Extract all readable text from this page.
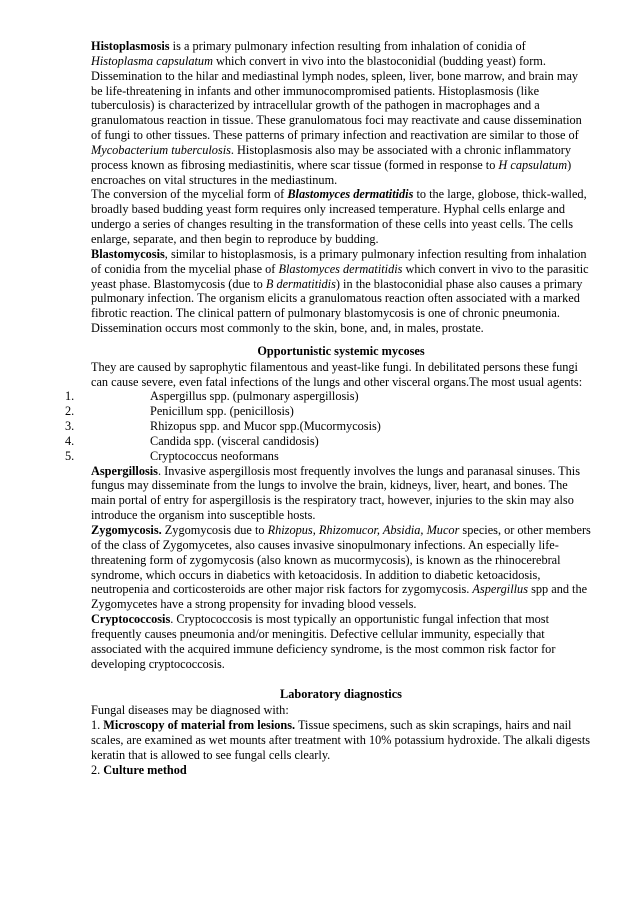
Histoplasmosis is a primary pulmonary infection resulting from inhalation of conidia of Histoplasma capsulatum which convert in vivo into the blastoconidial (budding yeast) form. Dissemination to the hilar and mediastinal lymph nodes, spleen, liver, bone marrow, and brain may be life-threatening in infants and other immunocompromised patients. Histoplasmosis (like tuberculosis) is characterized by intracellular growth of the pathogen in macrophages and a granulomatous reaction in tissue. These granulomatous foci may reactivate and cause dissemination of fungi to other tissues. These patterns of primary infection and reactivation are similar to those of Mycobacterium tuberculosis. Histoplasmosis also may be associated with a chronic inflammatory process known as fibrosing mediastinitis, where scar tissue (formed in response to H capsulatum) encroaches on vital structures in the mediastinum.

The conversion of the mycelial form of Blastomyces dermatitidis to the large, globose, thick-walled, broadly based budding yeast form requires only increased temperature. Hyphal cells enlarge and undergo a series of changes resulting in the transformation of these cells into yeast cells. The cells enlarge, separate, and then begin to reproduce by budding.

Blastomycosis, similar to histoplasmosis, is a primary pulmonary infection resulting from inhalation of conidia from the mycelial phase of Blastomyces dermatitidis which convert in vivo to the parasitic yeast phase. Blastomycosis (due to B dermatitidis) in the blastoconidial phase also causes a primary pulmonary infection. The organism elicits a granulomatous reaction often associated with a marked fibrotic reaction. The clinical pattern of pulmonary blastomycosis is one of chronic pneumonia. Dissemination occurs most commonly to the skin, bone, and, in males, prostate.

Opportunistic systemic mycoses

They are caused by saprophytic filamentous and yeast-like fungi. In debilitated persons these fungi can cause severe, even fatal infections of the lungs and other visceral organs.The most usual agents:

1.	Aspergillus spp. (pulmonary aspergillosis)
2.	Penicillum spp. (penicillosis)
3.	Rhizopus spp. and Mucor spp.(Mucormycosis)
4.	Candida spp. (visceral candidosis)
5.	Cryptococcus neoformans

Aspergillosis. Invasive aspergillosis most frequently involves the lungs and paranasal sinuses. This fungus may disseminate from the lungs to involve the brain, kidneys, liver, heart, and bones. The main portal of entry for aspergillosis is the respiratory tract, however, injuries to the skin may also introduce the organism into susceptible hosts.

Zygomycosis. Zygomycosis due to Rhizopus, Rhizomucor, Absidia, Mucor species, or other members of the class of Zygomycetes, also causes invasive sinopulmonary infections. An especially life-threatening form of zygomycosis (also known as mucormycosis), is known as the rhinocerebral syndrome, which occurs in diabetics with ketoacidosis. In addition to diabetic ketoacidosis, neutropenia and corticosteroids are other major risk factors for zygomycosis. Aspergillus spp and the Zygomycetes have a strong propensity for invading blood vessels.

Cryptococcosis. Cryptococcosis is most typically an opportunistic fungal infection that most frequently causes pneumonia and/or meningitis. Defective cellular immunity, especially that associated with the acquired immune deficiency syndrome, is the most common risk factor for developing cryptococcosis.

Laboratory diagnostics

Fungal diseases may be diagnosed with:

1. Microscopy of material from lesions. Tissue specimens, such as skin scrapings, hairs and nail scales, are examined as wet mounts after treatment with 10% potassium hydroxide. The alkali digests keratin that is allowed to see fungal cells clearly.

2. Culture method
